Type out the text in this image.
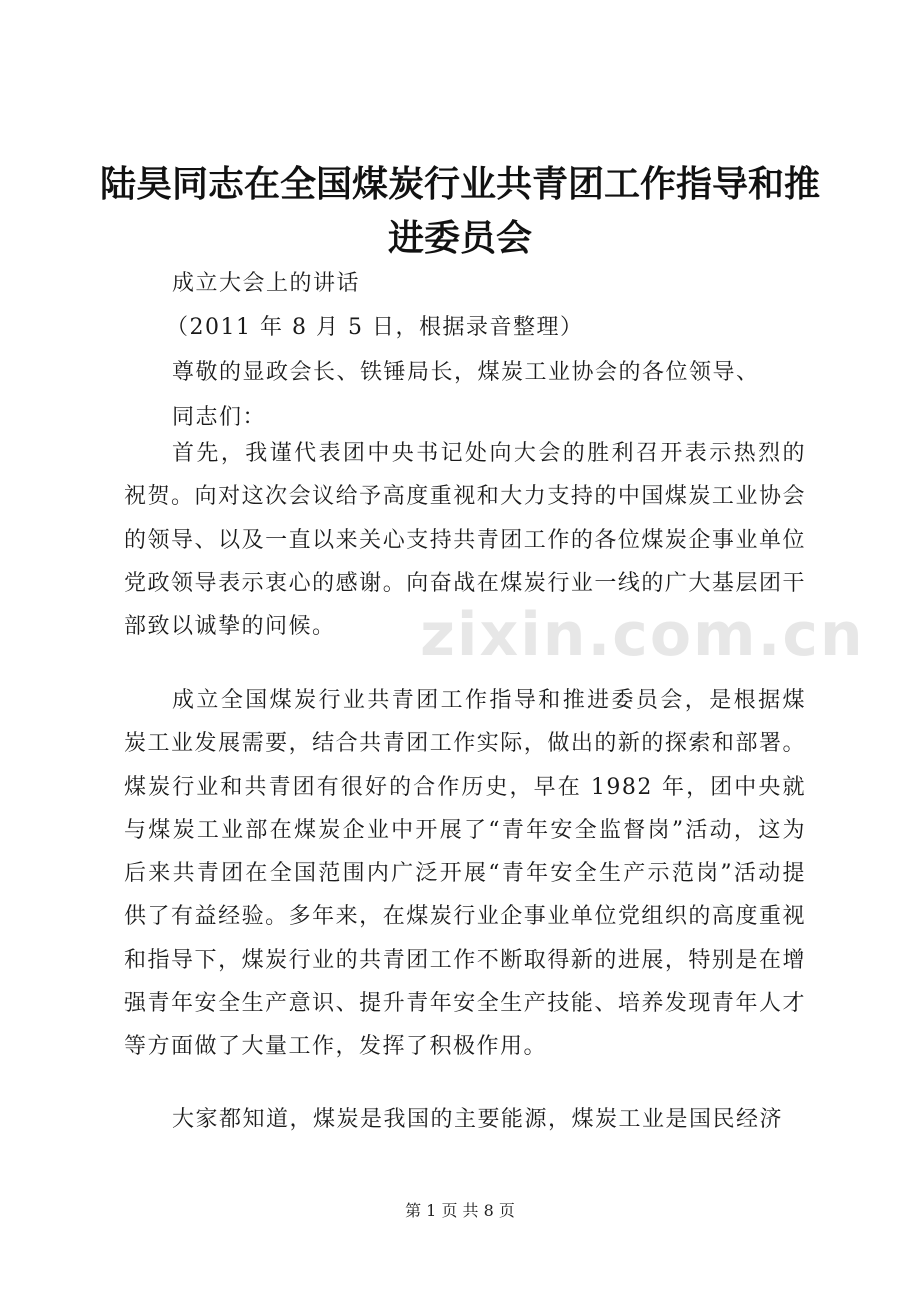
陆昊同志在全国煤炭行业共青团工作指导和推
进委员会
成立大会上的讲话
（2011 年 8 月 5 日，根据录音整理）
尊敬的显政会长、铁锤局长，煤炭工业协会的各位领导、
同志们：

首先，我谨代表团中央书记处向大会的胜利召开表示热烈的祝贺。向对这次会议给予高度重视和大力支持的中国煤炭工业协会的领导、以及一直以来关心支持共青团工作的各位煤炭企事业单位党政领导表示衷心的感谢。向奋战在煤炭行业一线的广大基层团干部致以诚挚的问候。

成立全国煤炭行业共青团工作指导和推进委员会，是根据煤炭工业发展需要，结合共青团工作实际，做出的新的探索和部署。煤炭行业和共青团有很好的合作历史，早在 1982 年，团中央就与煤炭工业部在煤炭企业中开展了“青年安全监督岗”活动，这为后来共青团在全国范围内广泛开展“青年安全生产示范岗”活动提供了有益经验。多年来，在煤炭行业企事业单位党组织的高度重视和指导下，煤炭行业的共青团工作不断取得新的进展，特别是在增强青年安全生产意识、提升青年安全生产技能、培养发现青年人才等方面做了大量工作，发挥了积极作用。

大家都知道，煤炭是我国的主要能源，煤炭工业是国民经济

zixin.com.cn
第 1 页 共 8 页
